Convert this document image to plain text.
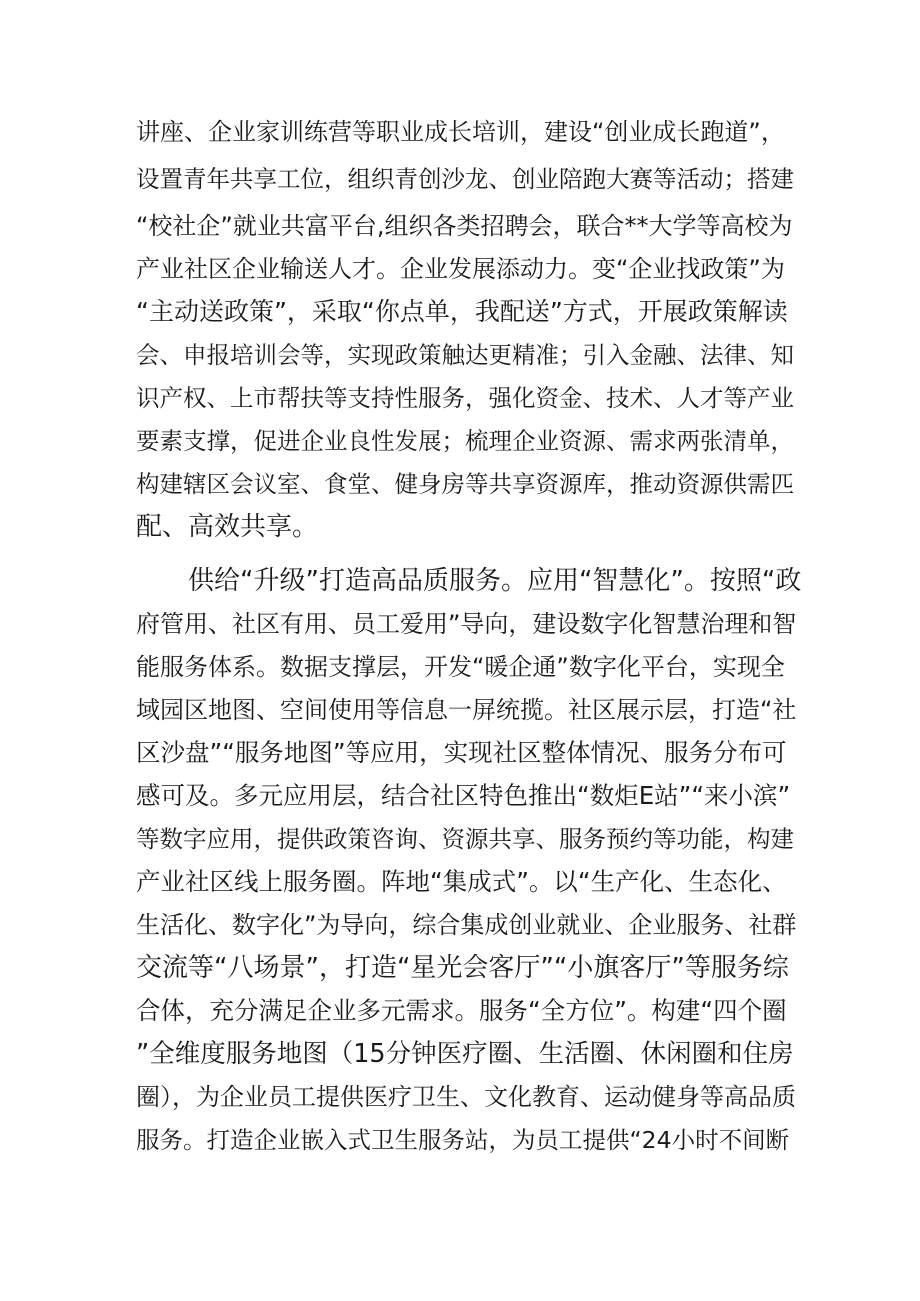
讲座、企业家训练营等职业成长培训，建设“创业成长跑道”，

设置青年共享工位，组织青创沙龙、创业陪跑大赛等活动；搭建

“校社企”就业共富平台,组织各类招聘会，联合**大学等高校为

产业社区企业输送人才。企业发展添动力。变“企业找政策”为

“主动送政策”，采取“你点单，我配送”方式，开展政策解读

会、申报培训会等，实现政策触达更精准；引入金融、法律、知

识产权、上市帮扶等支持性服务，强化资金、技术、人才等产业

要素支撑，促进企业良性发展；梳理企业资源、需求两张清单，

构建辖区会议室、食堂、健身房等共享资源库，推动资源供需匹

配、高效共享。

供给“升级”打造高品质服务。应用“智慧化”。按照“政

府管用、社区有用、员工爱用”导向，建设数字化智慧治理和智

能服务体系。数据支撑层，开发“暖企通”数字化平台，实现全

域园区地图、空间使用等信息一屏统揽。社区展示层，打造“社

区沙盘”“服务地图”等应用，实现社区整体情况、服务分布可

感可及。多元应用层，结合社区特色推出“数炬E站”“来小滨”

等数字应用，提供政策咨询、资源共享、服务预约等功能，构建

产业社区线上服务圈。阵地“集成式”。以“生产化、生态化、

生活化、数字化”为导向，综合集成创业就业、企业服务、社群

交流等“八场景”，打造“星光会客厅”“小旗客厅”等服务综

合体，充分满足企业多元需求。服务“全方位”。构建“四个圈

”全维度服务地图（15分钟医疗圈、生活圈、休闲圈和住房

圈），为企业员工提供医疗卫生、文化教育、运动健身等高品质

服务。打造企业嵌入式卫生服务站，为员工提供“24小时不间断
